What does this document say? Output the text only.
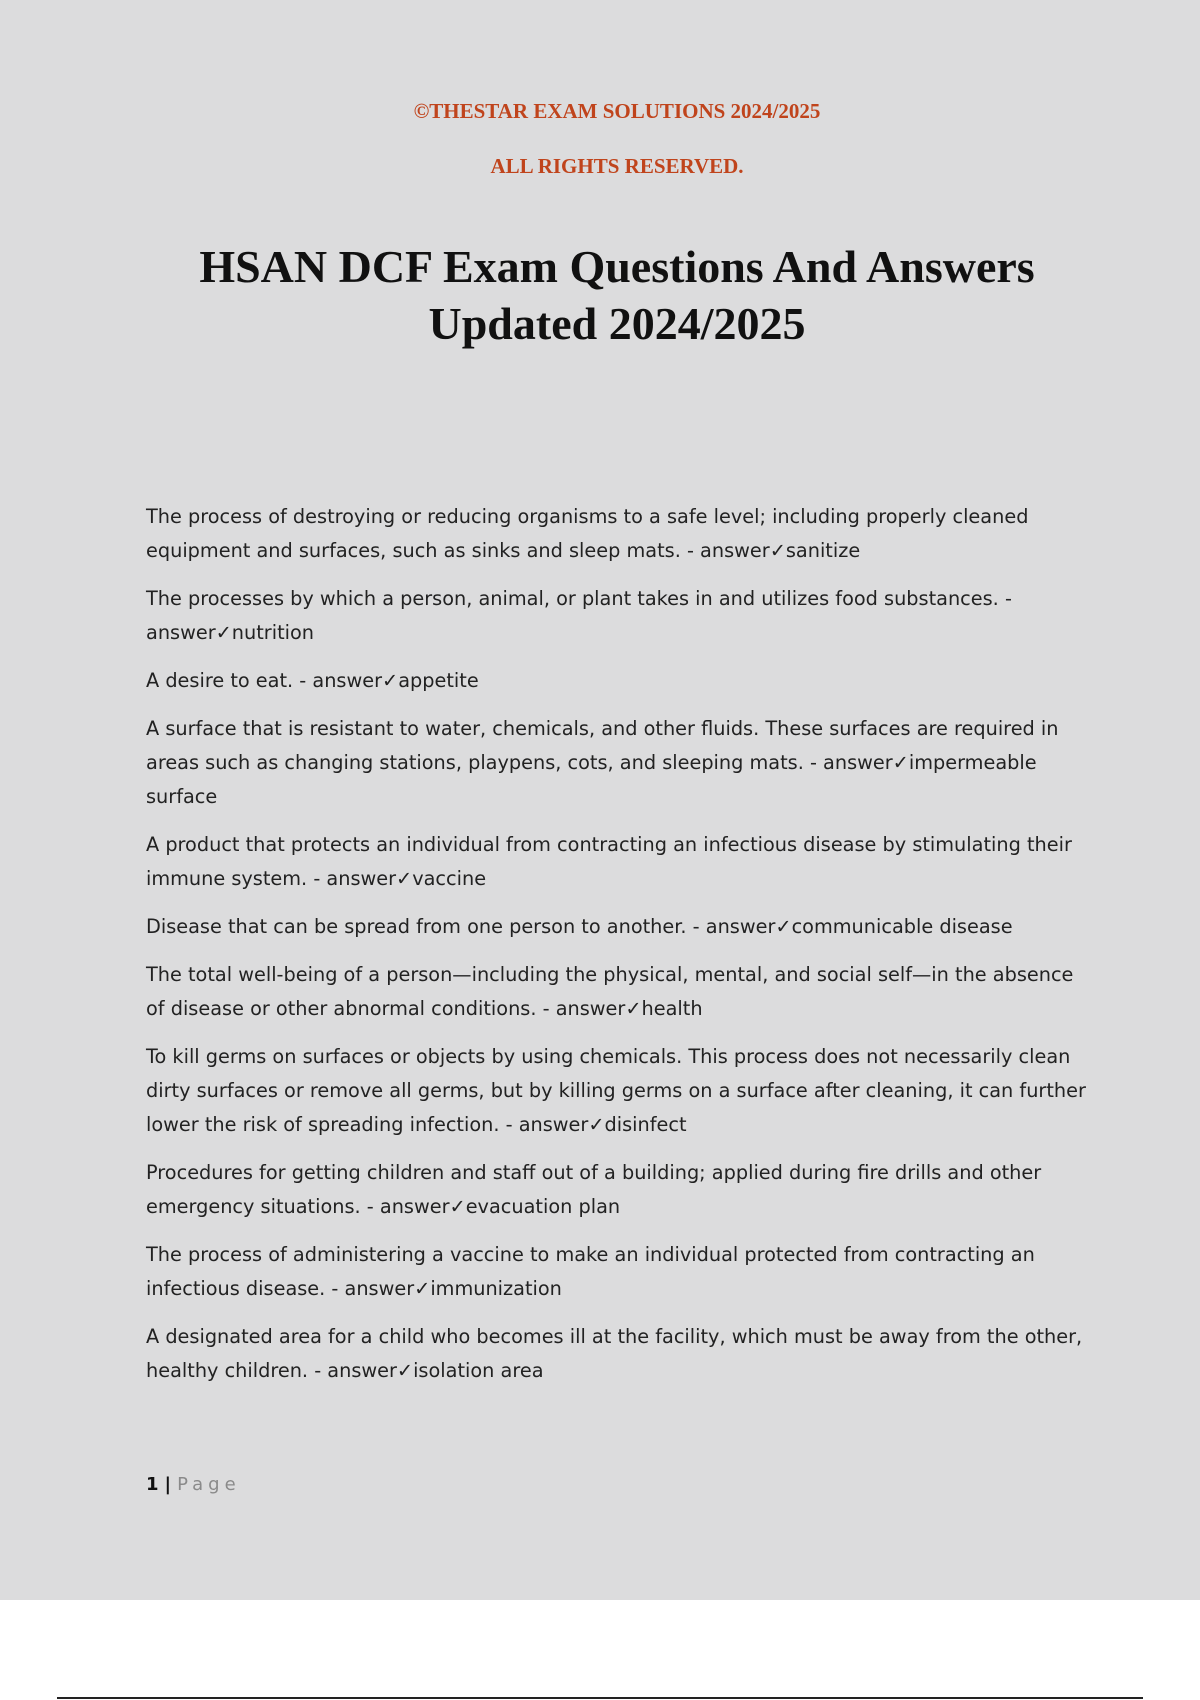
©THESTAR EXAM SOLUTIONS 2024/2025

ALL RIGHTS RESERVED.

HSAN DCF Exam Questions And Answers
Updated 2024/2025

The process of destroying or reducing organisms to a safe level; including properly cleaned equipment and surfaces, such as sinks and sleep mats. - answer✓sanitize

The processes by which a person, animal, or plant takes in and utilizes food substances. - answer✓nutrition

A desire to eat. - answer✓appetite

A surface that is resistant to water, chemicals, and other fluids. These surfaces are required in areas such as changing stations, playpens, cots, and sleeping mats. - answer✓impermeable surface

A product that protects an individual from contracting an infectious disease by stimulating their immune system. - answer✓vaccine

Disease that can be spread from one person to another. - answer✓communicable disease

The total well-being of a person—including the physical, mental, and social self—in the absence of disease or other abnormal conditions. - answer✓health

To kill germs on surfaces or objects by using chemicals. This process does not necessarily clean dirty surfaces or remove all germs, but by killing germs on a surface after cleaning, it can further lower the risk of spreading infection. - answer✓disinfect

Procedures for getting children and staff out of a building; applied during fire drills and other emergency situations. - answer✓evacuation plan

The process of administering a vaccine to make an individual protected from contracting an infectious disease. - answer✓immunization

A designated area for a child who becomes ill at the facility, which must be away from the other, healthy children. - answer✓isolation area

1 | Page
